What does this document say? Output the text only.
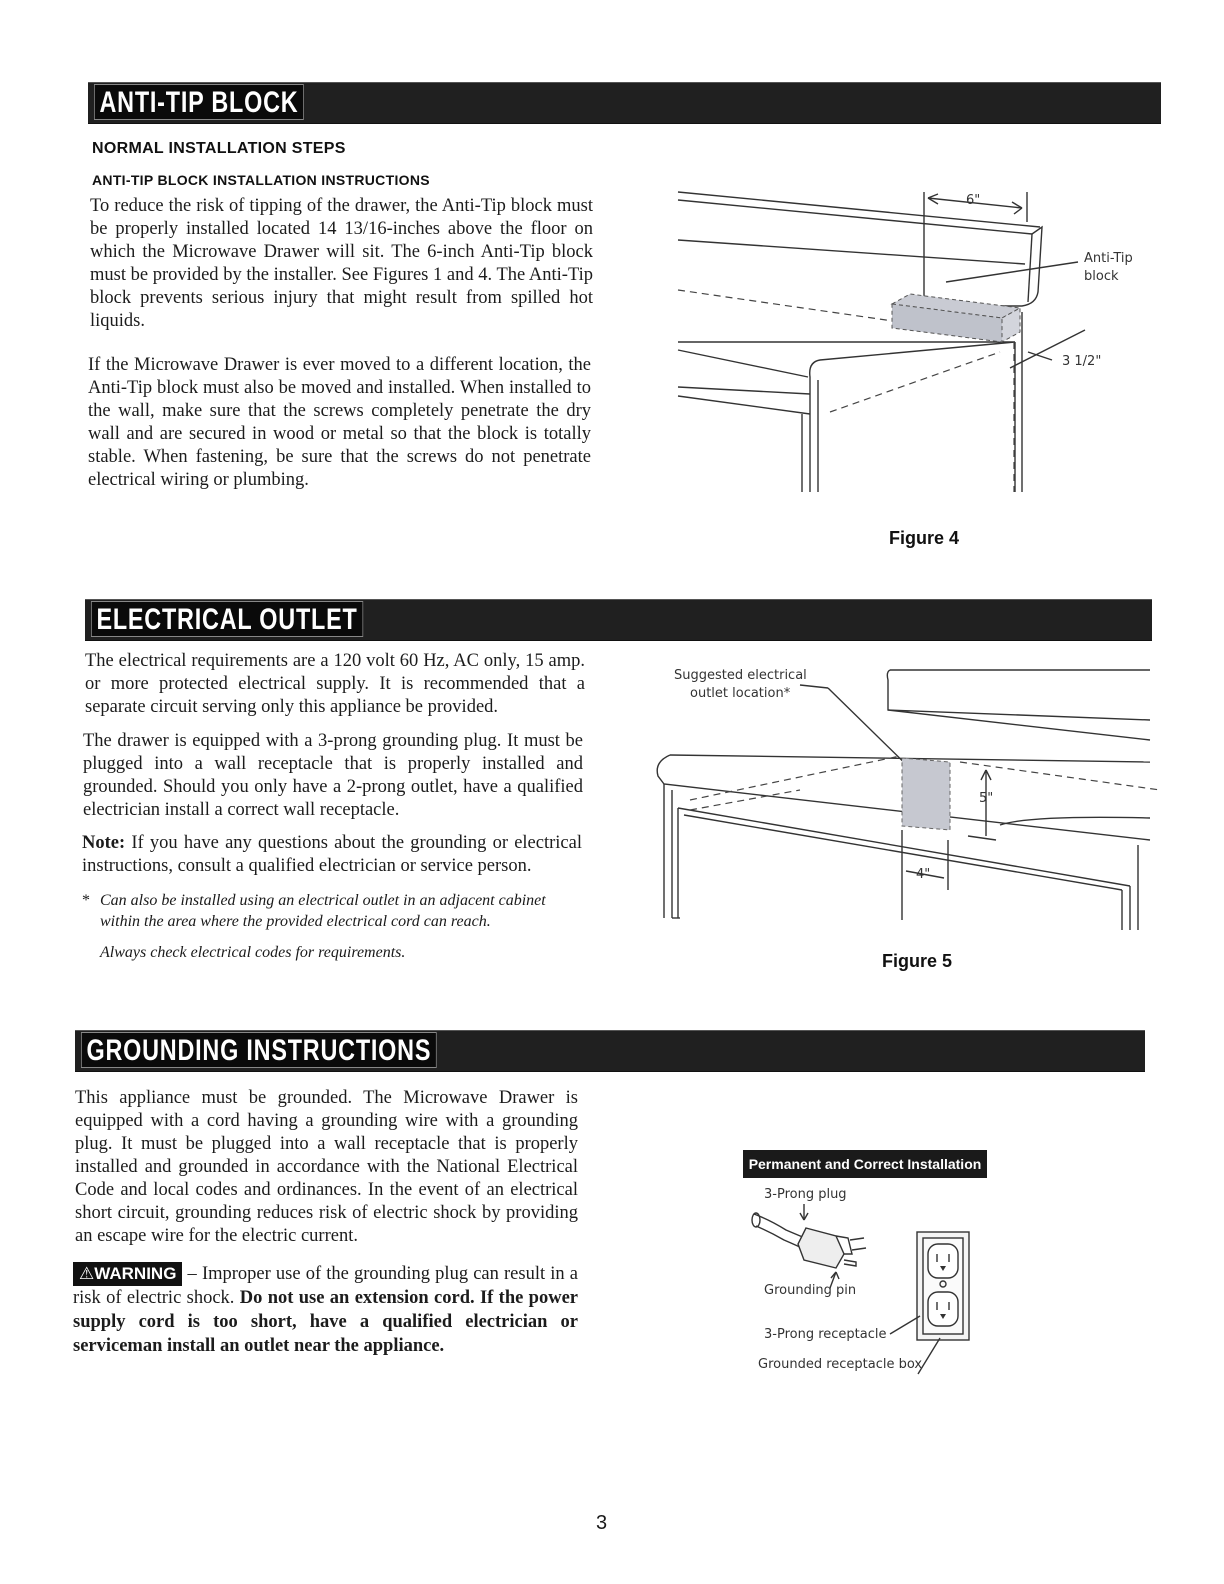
ANTI-TIP BLOCK
NORMAL INSTALLATION STEPS
ANTI-TIP BLOCK INSTALLATION INSTRUCTIONS

To reduce the risk of tipping of the drawer, the Anti-Tip block must be properly installed located 14 13/16-inches above the floor on which the Microwave Drawer will sit. The 6-inch Anti-Tip block must be provided by the installer. See Figures 1 and 4. The Anti-Tip block prevents serious injury that might result from spilled hot liquids.

If the Microwave Drawer is ever moved to a different location, the Anti-Tip block must also be moved and installed. When installed to the wall, make sure that the screws completely penetrate the dry wall and are secured in wood or metal so that the block is totally stable. When fastening, be sure that the screws do not penetrate electrical wiring or plumbing.

6"
Anti-Tip
block
3 1/2"
Figure 4
ELECTRICAL OUTLET

The electrical requirements are a 120 volt 60 Hz, AC only, 15 amp. or more protected electrical supply. It is recommended that a separate circuit serving only this appliance be provided.

The drawer is equipped with a 3-prong grounding plug. It must be plugged into a wall receptacle that is properly installed and grounded. Should you only have a 2-prong outlet, have a qualified electrician install a correct wall receptacle.

Note: If you have any questions about the grounding or electrical instructions, consult a qualified electrician or service person.

* Can also be installed using an electrical outlet in an adjacent cabinet within the area where the provided electrical cord can reach.
Always check electrical codes for requirements.
Suggested electrical
outlet location*
5"
4"
Figure 5
GROUNDING INSTRUCTIONS

This appliance must be grounded. The Microwave Drawer is equipped with a cord having a grounding wire with a grounding plug. It must be plugged into a wall receptacle that is properly installed and grounded in accordance with the National Electrical Code and local codes and ordinances. In the event of an electrical short circuit, grounding reduces risk of electric shock by providing an escape wire for the electric current.

⚠WARNING – Improper use of the grounding plug can result in a risk of electric shock. Do not use an extension cord. If the power supply cord is too short, have a qualified electrician or serviceman install an outlet near the appliance.

Permanent and Correct Installation
3-Prong plug
Grounding pin
3-Prong receptacle
Grounded receptacle box
3
